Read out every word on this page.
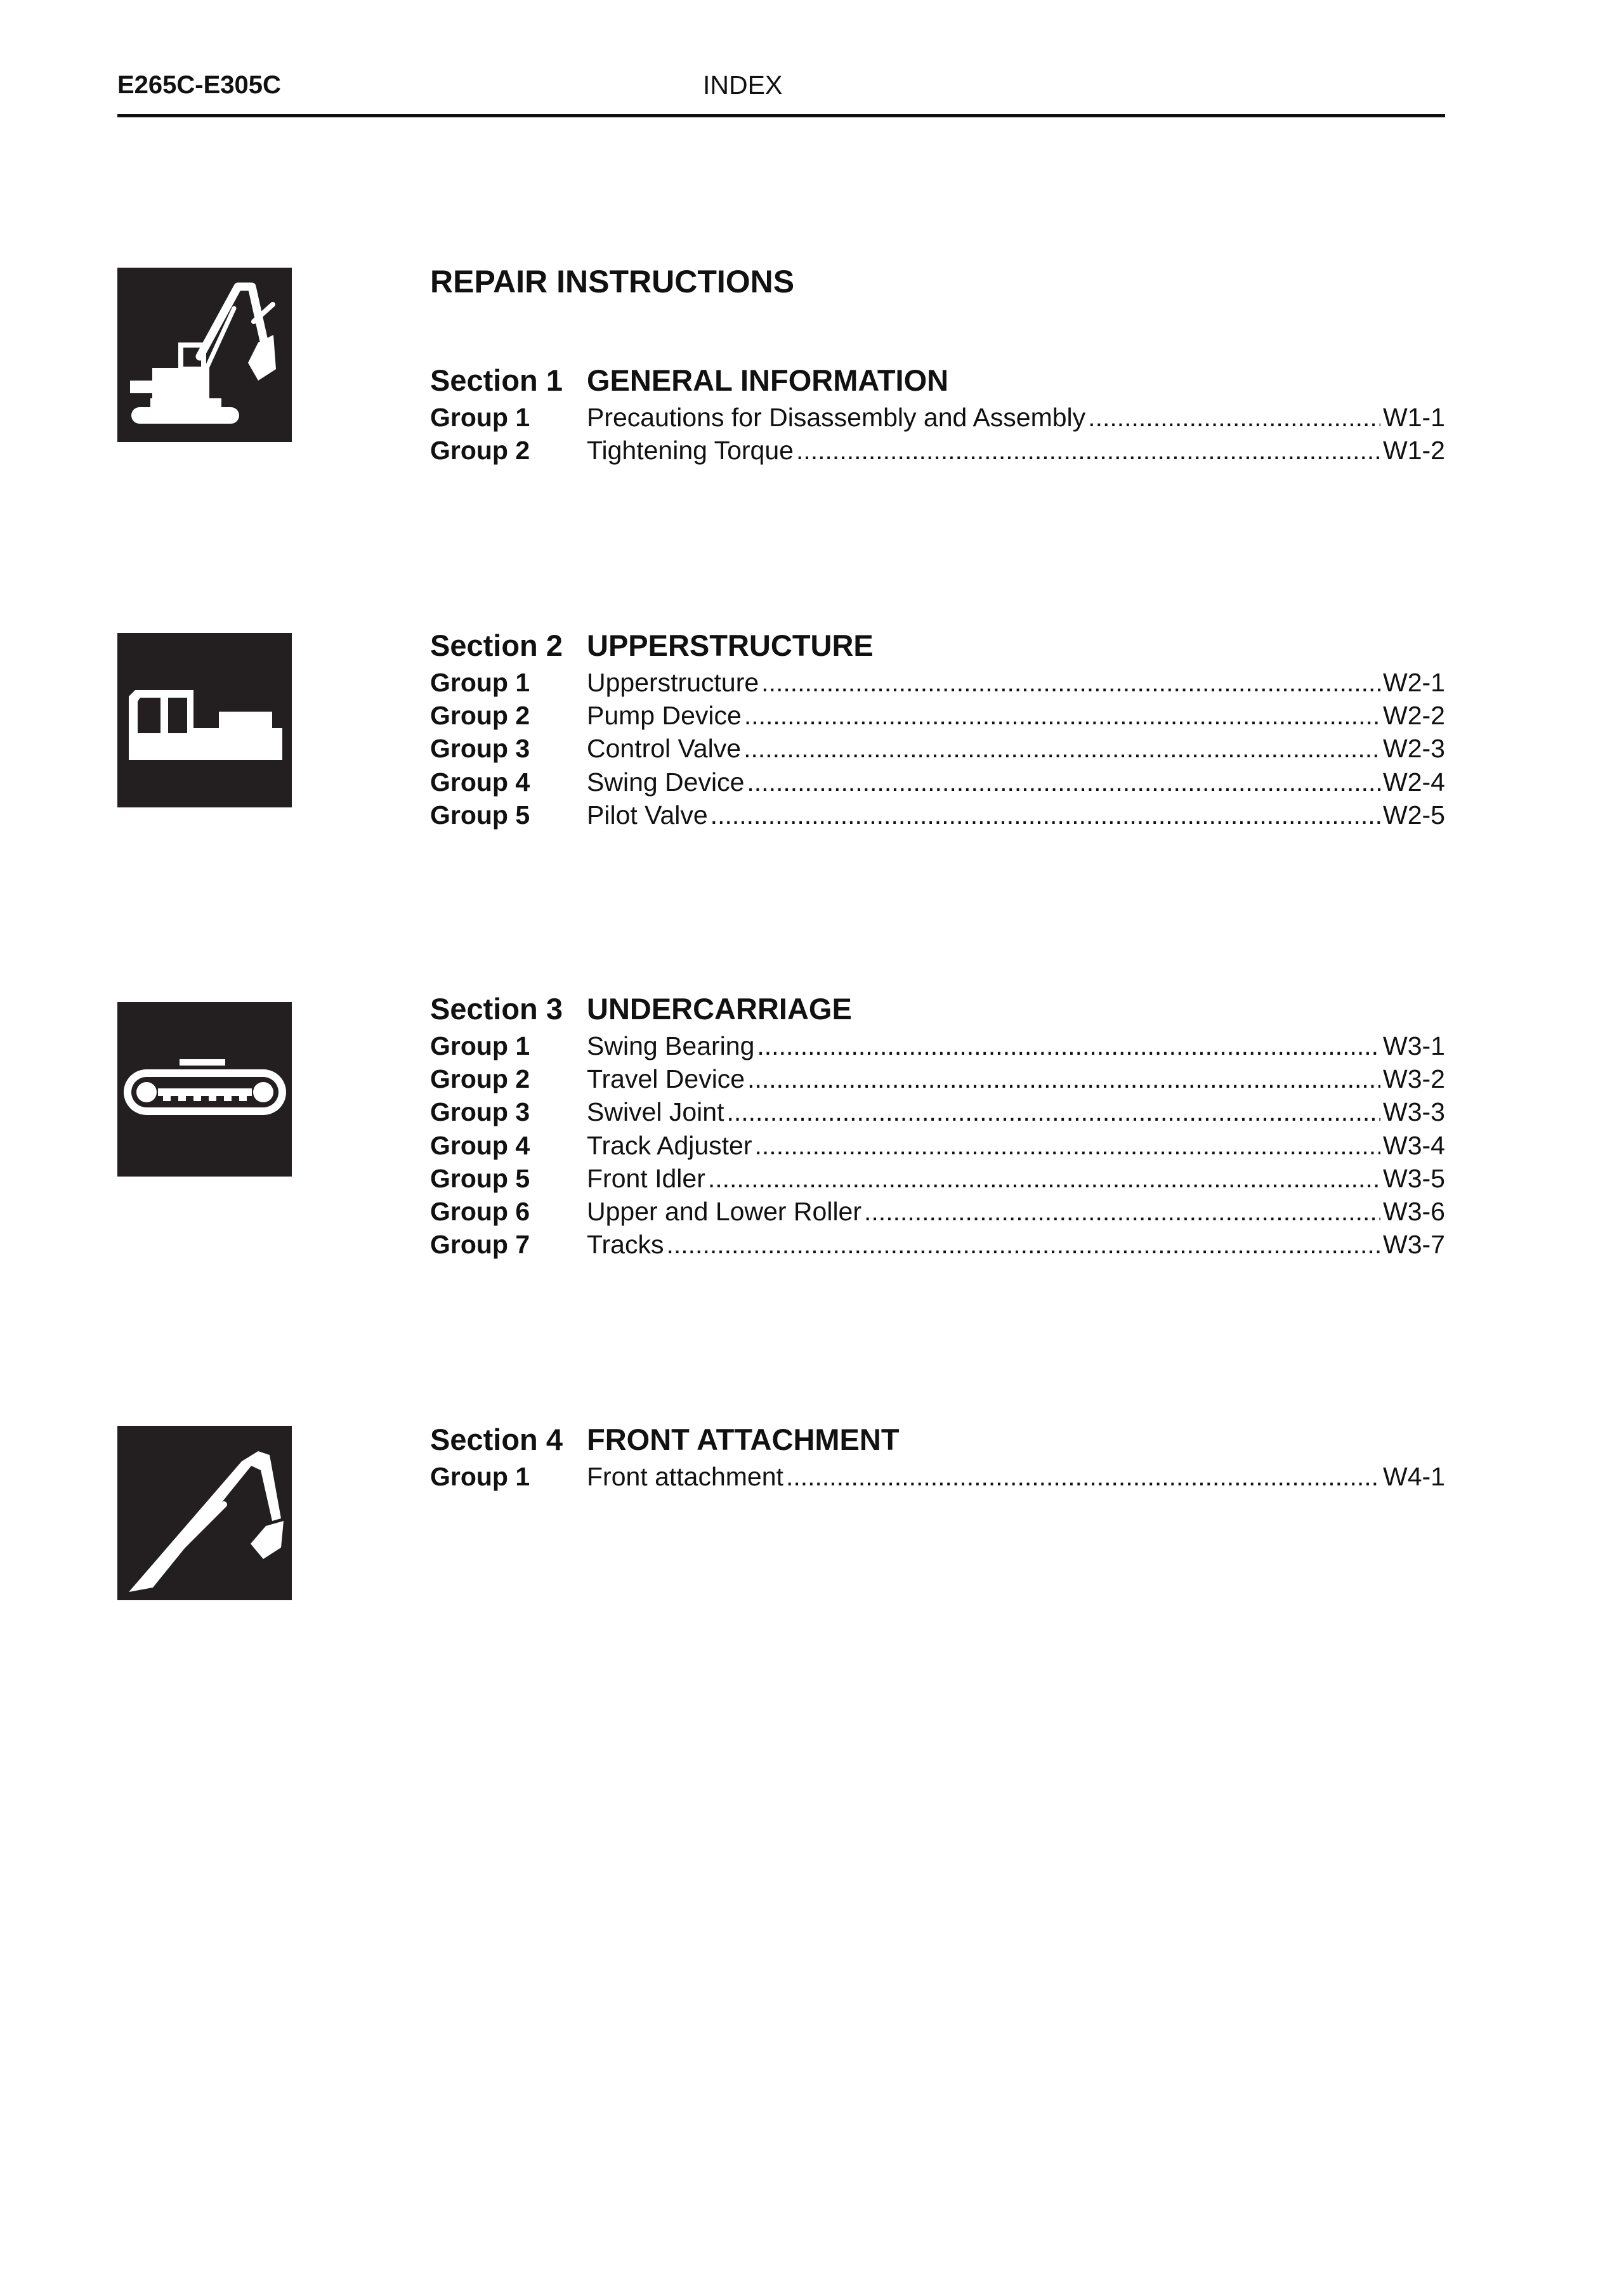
E265C-E305C	INDEX
REPAIR INSTRUCTIONS
Section 1 GENERAL INFORMATION
Group 1	Precautions for Disassembly and Assembly .....	W1-1
Group 2	Tightening Torque .....	W1-2
Section 2 UPPERSTRUCTURE
Group 1	Upperstructure .....	W2-1
Group 2	Pump Device .....	W2-2
Group 3	Control Valve .....	W2-3
Group 4	Swing Device .....	W2-4
Group 5	Pilot Valve .....	W2-5
Section 3 UNDERCARRIAGE
Group 1	Swing Bearing .....	W3-1
Group 2	Travel Device .....	W3-2
Group 3	Swivel Joint .....	W3-3
Group 4	Track Adjuster .....	W3-4
Group 5	Front Idler .....	W3-5
Group 6	Upper and Lower Roller .....	W3-6
Group 7	Tracks .....	W3-7
Section 4 FRONT ATTACHMENT
Group 1	Front attachment .....	W4-1
